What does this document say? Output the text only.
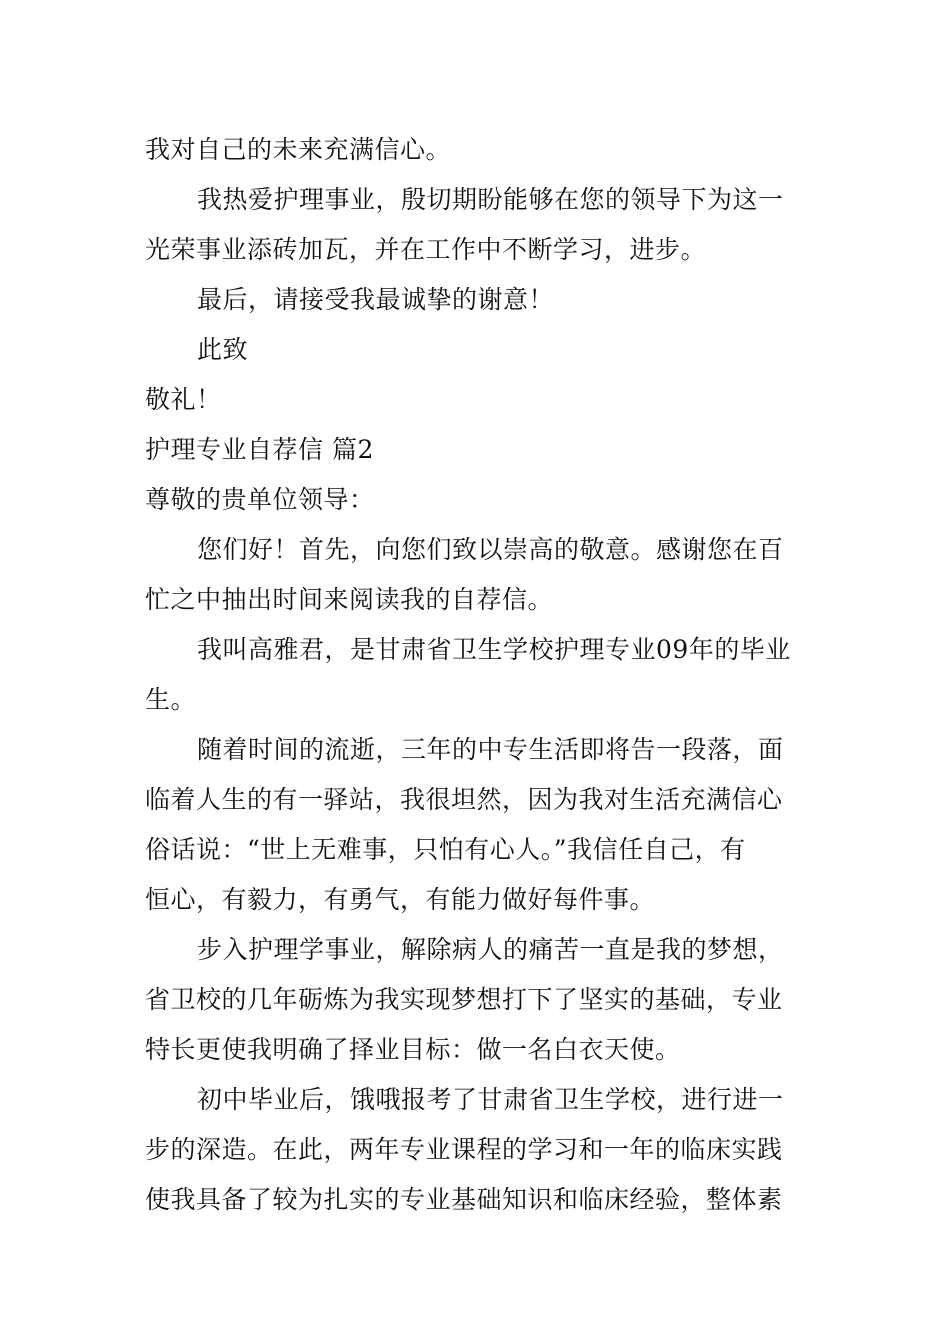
我对自己的未来充满信心。
我热爱护理事业，殷切期盼能够在您的领导下为这一
光荣事业添砖加瓦，并在工作中不断学习，进步。
最后，请接受我最诚挚的谢意！
此致
敬礼！
护理专业自荐信 篇2
尊敬的贵单位领导：
您们好！首先，向您们致以崇高的敬意。感谢您在百
忙之中抽出时间来阅读我的自荐信。
我叫高雅君，是甘肃省卫生学校护理专业09年的毕业
生。
随着时间的流逝，三年的中专生活即将告一段落，面
临着人生的有一驿站，我很坦然，因为我对生活充满信心
俗话说：“世上无难事，只怕有心人。”我信任自己，有
恒心，有毅力，有勇气，有能力做好每件事。
步入护理学事业，解除病人的痛苦一直是我的梦想，
省卫校的几年砺炼为我实现梦想打下了坚实的基础，专业
特长更使我明确了择业目标：做一名白衣天使。
初中毕业后，饿哦报考了甘肃省卫生学校，进行进一
步的深造。在此，两年专业课程的学习和一年的临床实践
使我具备了较为扎实的专业基础知识和临床经验，整体素
